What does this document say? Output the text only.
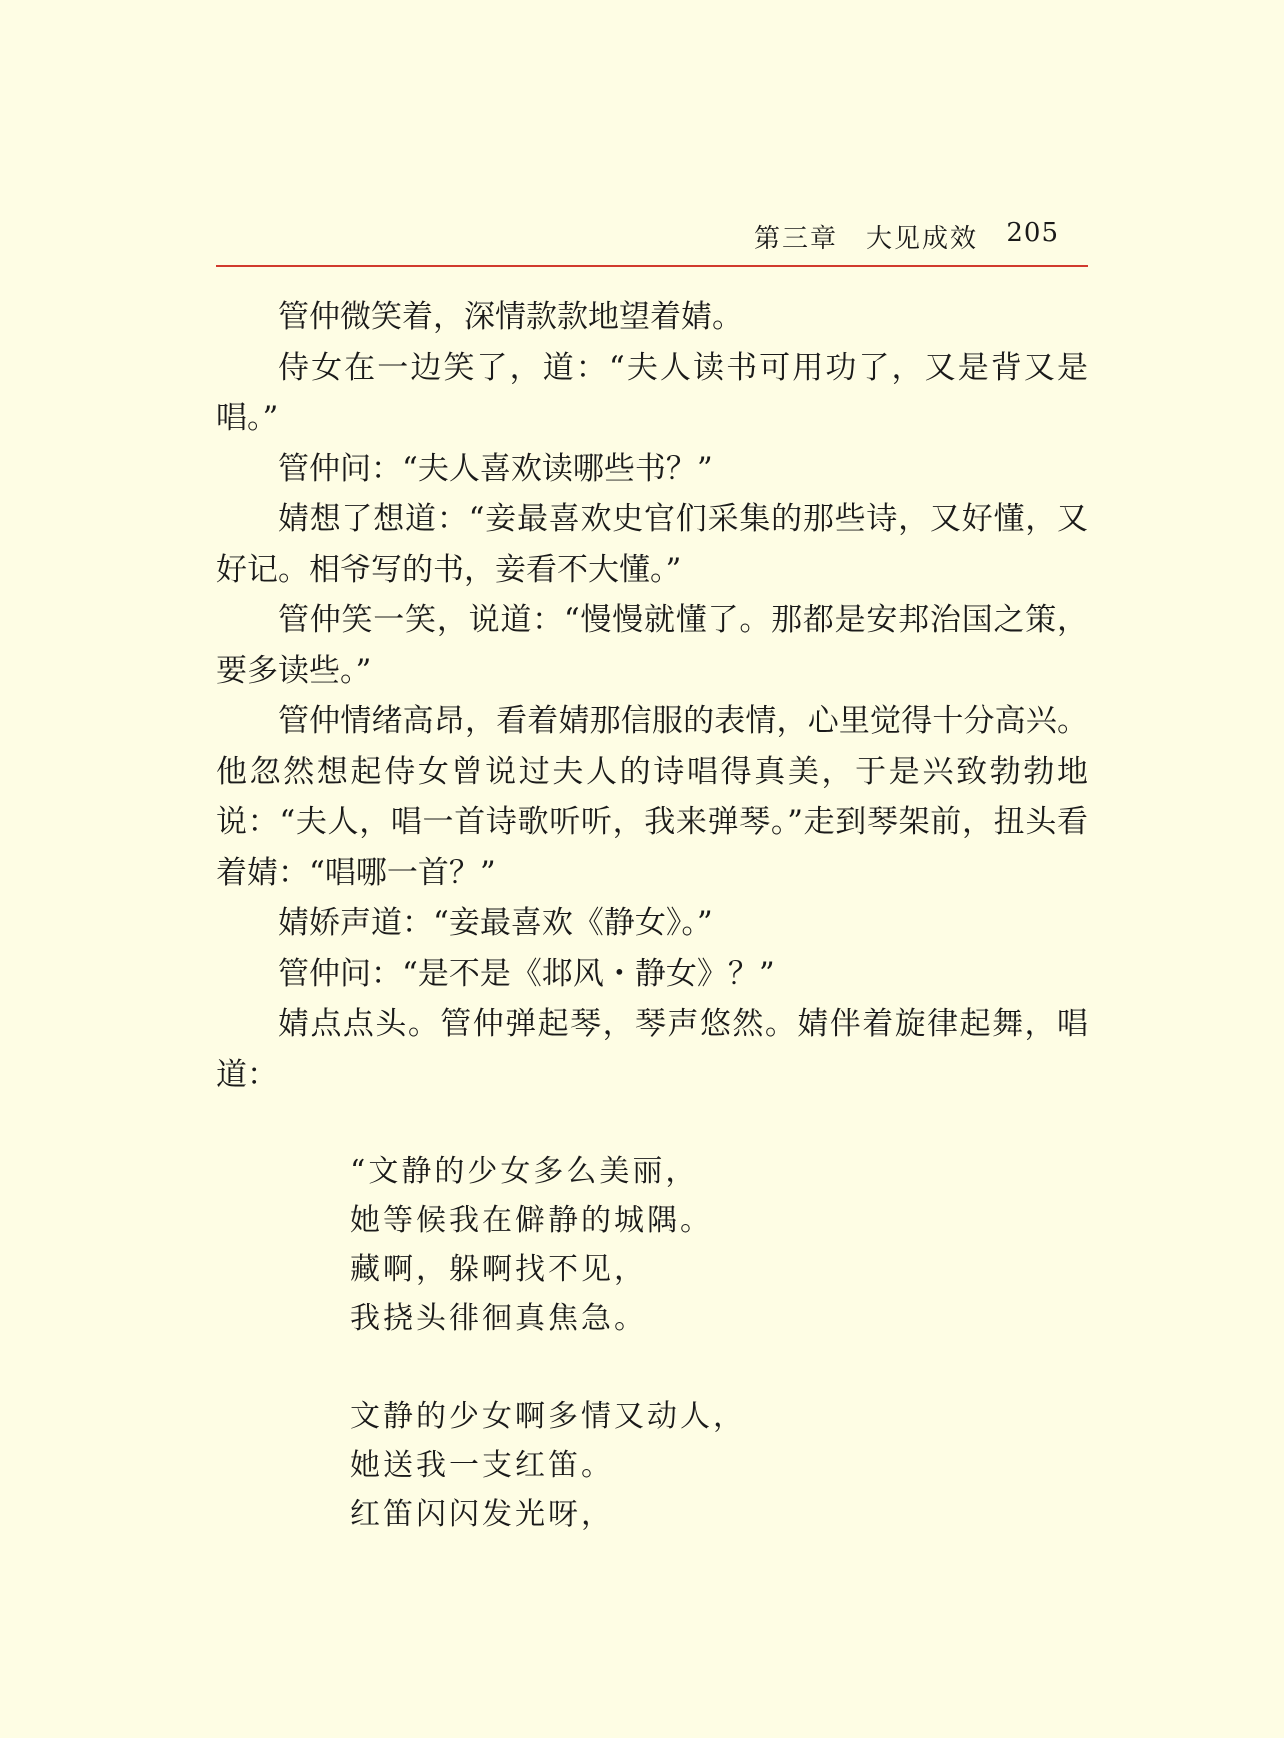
第三章　大见成效 205

管仲微笑着，深情款款地望着婧。

侍女在一边笑了，道：“夫人读书可用功了，又是背又是唱。”

管仲问：“夫人喜欢读哪些书？”

婧想了想道：“妾最喜欢史官们采集的那些诗，又好懂，又好记。相爷写的书，妾看不大懂。”

管仲笑一笑，说道：“慢慢就懂了。那都是安邦治国之策，要多读些。”

管仲情绪高昂，看着婧那信服的表情，心里觉得十分高兴。他忽然想起侍女曾说过夫人的诗唱得真美，于是兴致勃勃地说：“夫人，唱一首诗歌听听，我来弹琴。”走到琴架前，扭头看着婧：“唱哪一首？”

婧娇声道：“妾最喜欢《静女》。”

管仲问：“是不是《邶风・静女》？”

婧点点头。管仲弹起琴，琴声悠然。婧伴着旋律起舞，唱道：

“文静的少女多么美丽，
她等候我在僻静的城隅。
藏啊，躲啊找不见，
我挠头徘徊真焦急。
文静的少女啊多情又动人，
她送我一支红笛。
红笛闪闪发光呀，
